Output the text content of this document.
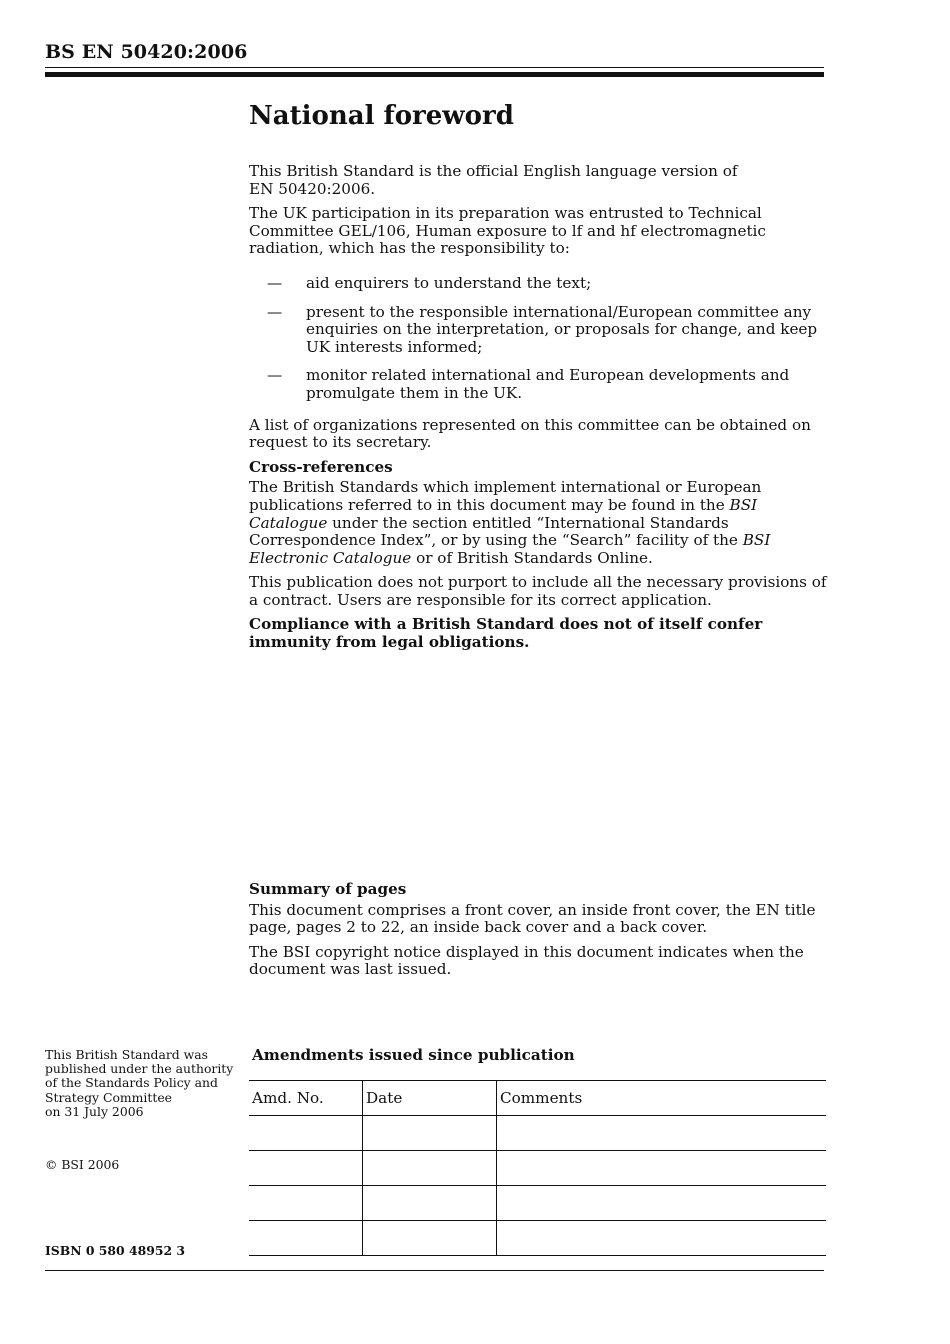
BS EN 50420:2006
National foreword

This British Standard is the official English language version of
EN 50420:2006.

The UK participation in its preparation was entrusted to Technical Committee GEL/106, Human exposure to lf and hf electromagnetic radiation, which has the responsibility to:

— aid enquirers to understand the text;
— present to the responsible international/European committee any enquiries on the interpretation, or proposals for change, and keep UK interests informed;
— monitor related international and European developments and promulgate them in the UK.

A list of organizations represented on this committee can be obtained on request to its secretary.

Cross-references

The British Standards which implement international or European publications referred to in this document may be found in the BSI Catalogue under the section entitled “International Standards Correspondence Index”, or by using the “Search” facility of the BSI Electronic Catalogue or of British Standards Online.

This publication does not purport to include all the necessary provisions of a contract. Users are responsible for its correct application.

Compliance with a British Standard does not of itself confer immunity from legal obligations.

Summary of pages

This document comprises a front cover, an inside front cover, the EN title page, pages 2 to 22, an inside back cover and a back cover.

The BSI copyright notice displayed in this document indicates when the document was last issued.

This British Standard was
published under the authority
of the Standards Policy and
Strategy Committee
on 31 July 2006
© BSI 2006
ISBN 0 580 48952 3
Amendments issued since publication
Amd. No.	Date	Comments
